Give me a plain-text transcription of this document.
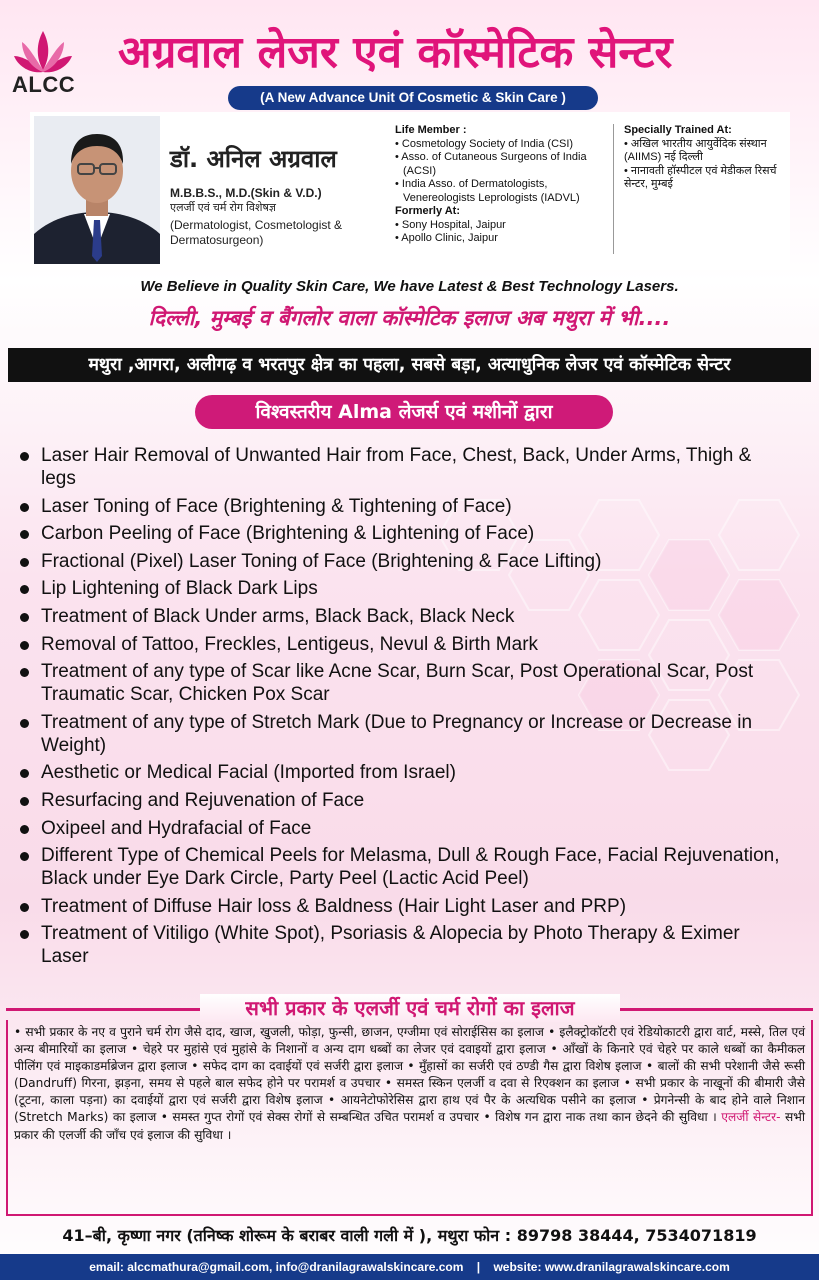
ALCC
अग्रवाल लेजर एवं कॉस्मेटिक सेन्टर
(A New Advance Unit Of Cosmetic & Skin Care )
डॉ. अनिल अग्रवाल
M.B.B.S., M.D.(Skin & V.D.)
एलर्जी एवं चर्म रोग विशेषज्ञ
(Dermatologist, Cosmetologist & Dermatosurgeon)
Life Member :
• Cosmetology Society of India (CSI)
• Asso. of Cutaneous Surgeons of India (ACSI)
• India Asso. of Dermatologists, Venereologists Leprologists (IADVL)
Formerly At:
• Sony Hospital, Jaipur
• Apollo Clinic, Jaipur
Specially Trained At:
• अखिल भारतीय आयुर्वेदिक संस्थान (AIIMS) नई दिल्ली
• नानावती हॉस्पीटल एवं मेडीकल रिसर्च सेन्टर, मुम्बई
We Believe in Quality Skin Care, We have Latest & Best Technology Lasers.
दिल्ली, मुम्बई व बैंगलोर वाला कॉस्मेटिक इलाज अब मथुरा में भी....
मथुरा ,आगरा, अलीगढ़ व भरतपुर क्षेत्र का पहला, सबसे बड़ा, अत्याधुनिक लेजर एवं कॉस्मेटिक सेन्टर
विश्वस्तरीय Alma लेजर्स एवं मशीनों द्वारा
Laser Hair Removal of Unwanted Hair from Face, Chest, Back, Under Arms, Thigh & legs
Laser Toning of Face (Brightening & Tightening of Face)
Carbon Peeling of Face (Brightening & Lightening of Face)
Fractional (Pixel) Laser Toning of Face (Brightening & Face Lifting)
Lip Lightening of Black Dark Lips
Treatment of Black Under arms, Black Back, Black Neck
Removal of Tattoo, Freckles, Lentigeus, Nevul & Birth Mark
Treatment of any type of Scar like Acne Scar, Burn Scar, Post Operational Scar, Post Traumatic Scar, Chicken Pox Scar
Treatment of any type of Stretch Mark (Due to Pregnancy or Increase or Decrease in Weight)
Aesthetic or Medical Facial (Imported from Israel)
Resurfacing and Rejuvenation of Face
Oxipeel and Hydrafacial of Face
Different Type of Chemical Peels for Melasma, Dull & Rough Face, Facial Rejuvenation, Black under Eye Dark Circle, Party Peel (Lactic Acid Peel)
Treatment of Diffuse Hair loss & Baldness (Hair Light Laser and PRP)
Treatment of Vitiligo (White Spot), Psoriasis & Alopecia by Photo Therapy & Eximer Laser
सभी प्रकार के एलर्जी एवं चर्म रोगों का इलाज
• सभी प्रकार के नए व पुराने चर्म रोग जैसे दाद, खाज, खुजली, फोड़ा, फुन्सी, छाजन, एग्जीमा एवं सोराईसिस का इलाज • इलैक्ट्रोकॉटरी एवं रेडियोकाटरी द्वारा वार्ट, मस्से, तिल एवं अन्य बीमारियों का इलाज • चेहरे पर मुहांसे एवं मुहांसे के निशानों व अन्य दाग धब्बों का लेजर एवं दवाइयों द्वारा इलाज • आँखों के किनारे एवं चेहरे पर काले धब्बों का कैमीकल पीलिंग एवं माइकाडर्माब्रेजन द्वारा इलाज • सफेद दाग का दवाईयों एवं सर्जरी द्वारा इलाज • मुँहासों का सर्जरी एवं ठण्डी गैस द्वारा विशेष इलाज • बालों की सभी परेशानी जैसे रूसी (Dandruff) गिरना, झड़ना, समय से पहले बाल सफेद होने पर परामर्श व उपचार • समस्त स्किन एलर्जी व दवा से रिएक्शन का इलाज • सभी प्रकार के नाखूनों की बीमारी जैसे (टूटना, काला पड़ना) का दवाईयों द्वारा एवं सर्जरी द्वारा विशेष इलाज • आयनेटोफोरेसिस द्वारा हाथ एवं पैर के अत्यधिक पसीने का इलाज • प्रेगनेन्सी के बाद होने वाले निशान (Stretch Marks) का इलाज • समस्त गुप्त रोगों एवं सेक्स रोगों से सम्बन्धित उचित परामर्श व उपचार • विशेष गन द्वारा नाक तथा कान छेदने की सुविधा । एलर्जी सेन्टर- सभी प्रकार की एलर्जी की जाँच एवं इलाज की सुविधा ।
41–बी, कृष्णा नगर (तनिष्क शोरूम के बराबर वाली गली में ), मथुरा फोन : 89798 38444, 7534071819
email: alccmathura@gmail.com, info@dranilagrawalskincare.com | website: www.dranilagrawalskincare.com
